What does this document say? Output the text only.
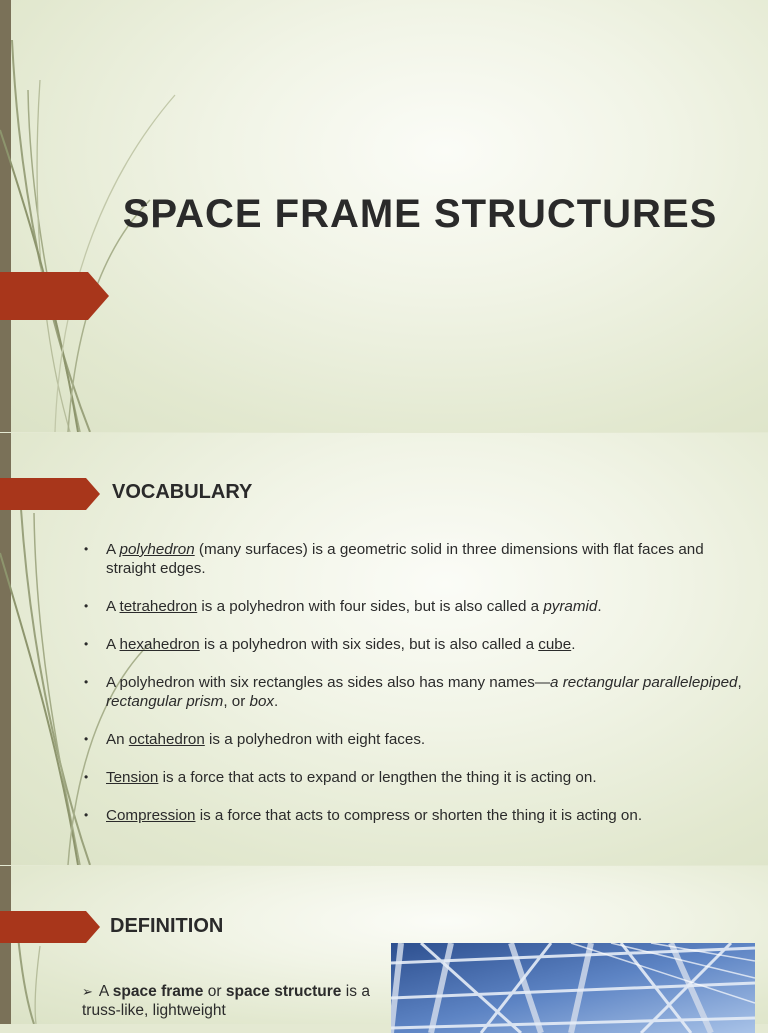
SPACE FRAME STRUCTURES
VOCABULARY
• A polyhedron (many surfaces) is a geometric solid in three dimensions with flat faces and straight edges.
• A tetrahedron is a polyhedron with four sides, but is also called a pyramid.
• A hexahedron is a polyhedron with six sides, but is also called a cube.
• A polyhedron with six rectangles as sides also has many names—a rectangular parallelepiped, rectangular prism, or box.
• An octahedron is a polyhedron with eight faces.
• Tension is a force that acts to expand or lengthen the thing it is acting on.
• Compression is a force that acts to compress or shorten the thing it is acting on.
DEFINITION
➢ A space frame or space structure is a truss-like, lightweight
